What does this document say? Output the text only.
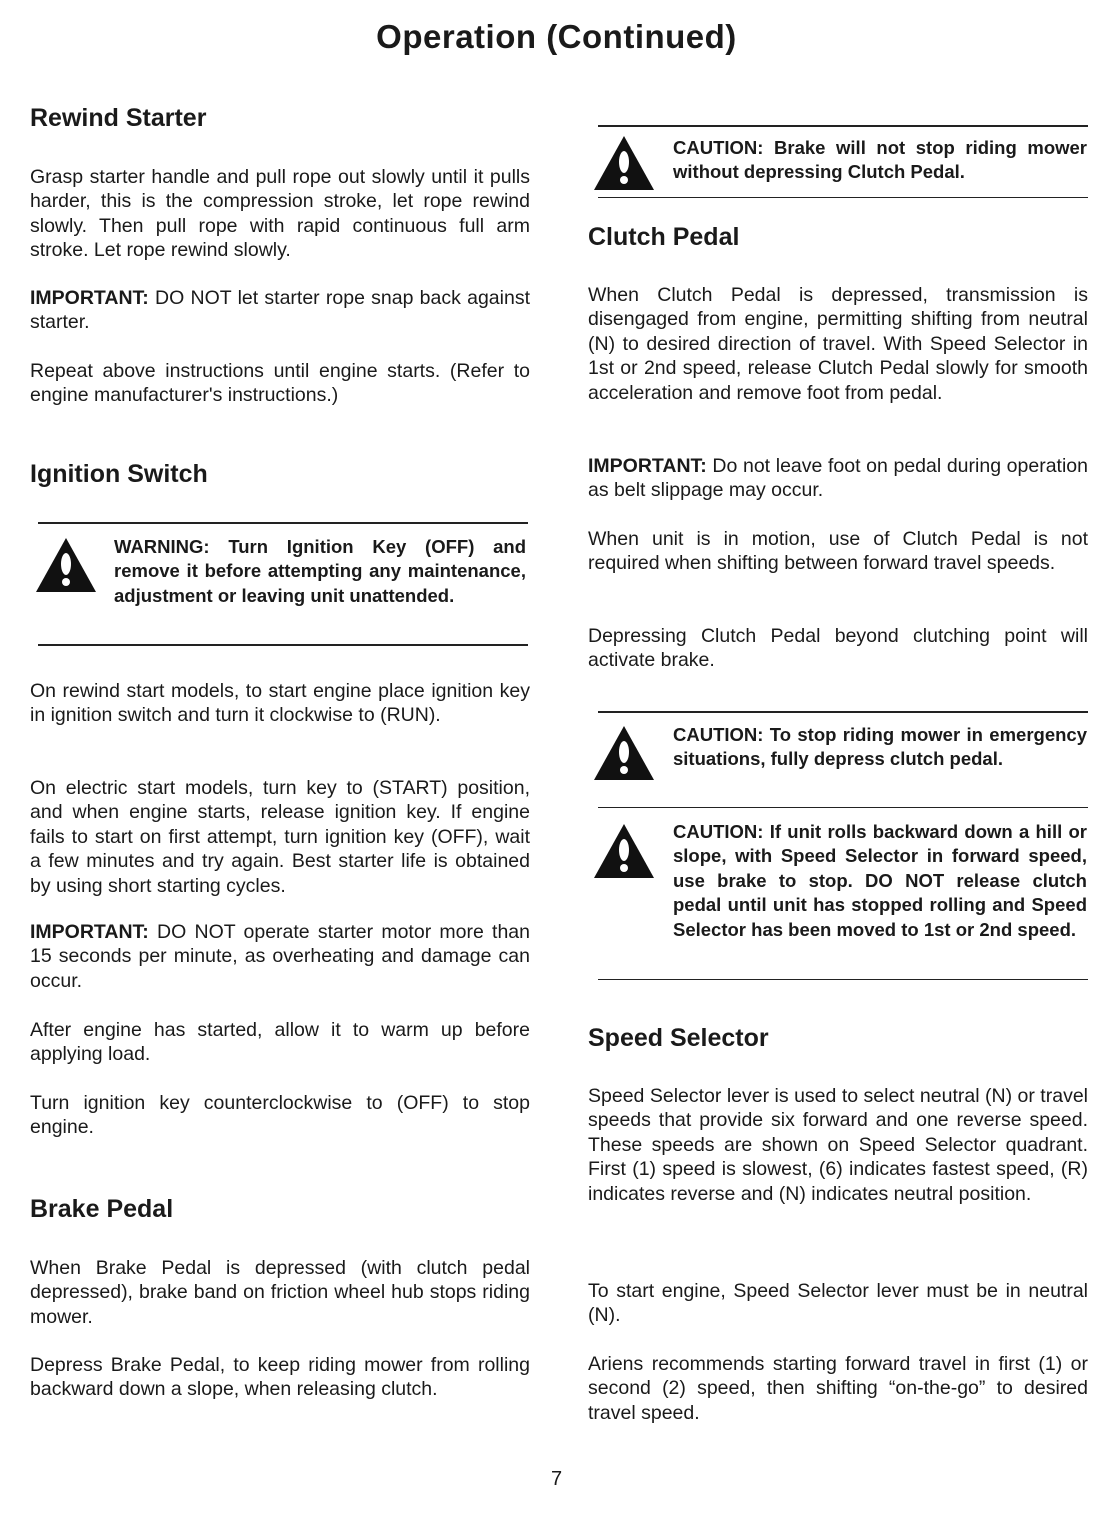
Operation (Continued)
Rewind Starter

Grasp starter handle and pull rope out slowly until it pulls harder, this is the compression stroke, let rope rewind slowly. Then pull rope with rapid continuous full arm stroke. Let rope rewind slowly.

IMPORTANT: DO NOT let starter rope snap back against starter.

Repeat above instructions until engine starts. (Refer to engine manufacturer's instructions.)

Ignition Switch

WARNING: Turn Ignition Key (OFF) and remove it before attempting any maintenance, adjustment or leaving unit unattended.

On rewind start models, to start engine place ignition key in ignition switch and turn it clockwise to (RUN).

On electric start models, turn key to (START) position, and when engine starts, release ignition key. If engine fails to start on first attempt, turn ignition key (OFF), wait a few minutes and try again. Best starter life is obtained by using short starting cycles.

IMPORTANT: DO NOT operate starter motor more than 15 seconds per minute, as overheating and damage can occur.

After engine has started, allow it to warm up before applying load.

Turn ignition key counterclockwise to (OFF) to stop engine.

Brake Pedal

When Brake Pedal is depressed (with clutch pedal depressed), brake band on friction wheel hub stops riding mower.

Depress Brake Pedal, to keep riding mower from rolling backward down a slope, when releasing clutch.

CAUTION: Brake will not stop riding mower without depressing Clutch Pedal.

Clutch Pedal

When Clutch Pedal is depressed, transmission is disengaged from engine, permitting shifting from neutral (N) to desired direction of travel. With Speed Selector in 1st or 2nd speed, release Clutch Pedal slowly for smooth acceleration and remove foot from pedal.

IMPORTANT: Do not leave foot on pedal during operation as belt slippage may occur.

When unit is in motion, use of Clutch Pedal is not required when shifting between forward travel speeds.

Depressing Clutch Pedal beyond clutching point will activate brake.

CAUTION: To stop riding mower in emergency situations, fully depress clutch pedal.

CAUTION: If unit rolls backward down a hill or slope, with Speed Selector in forward speed, use brake to stop. DO NOT release clutch pedal until unit has stopped rolling and Speed Selector has been moved to 1st or 2nd speed.

Speed Selector

Speed Selector lever is used to select neutral (N) or travel speeds that provide six forward and one reverse speed. These speeds are shown on Speed Selector quadrant. First (1) speed is slowest, (6) indicates fastest speed, (R) indicates reverse and (N) indicates neutral position.

To start engine, Speed Selector lever must be in neutral (N).

Ariens recommends starting forward travel in first (1) or second (2) speed, then shifting “on-the-go” to desired travel speed.

7
